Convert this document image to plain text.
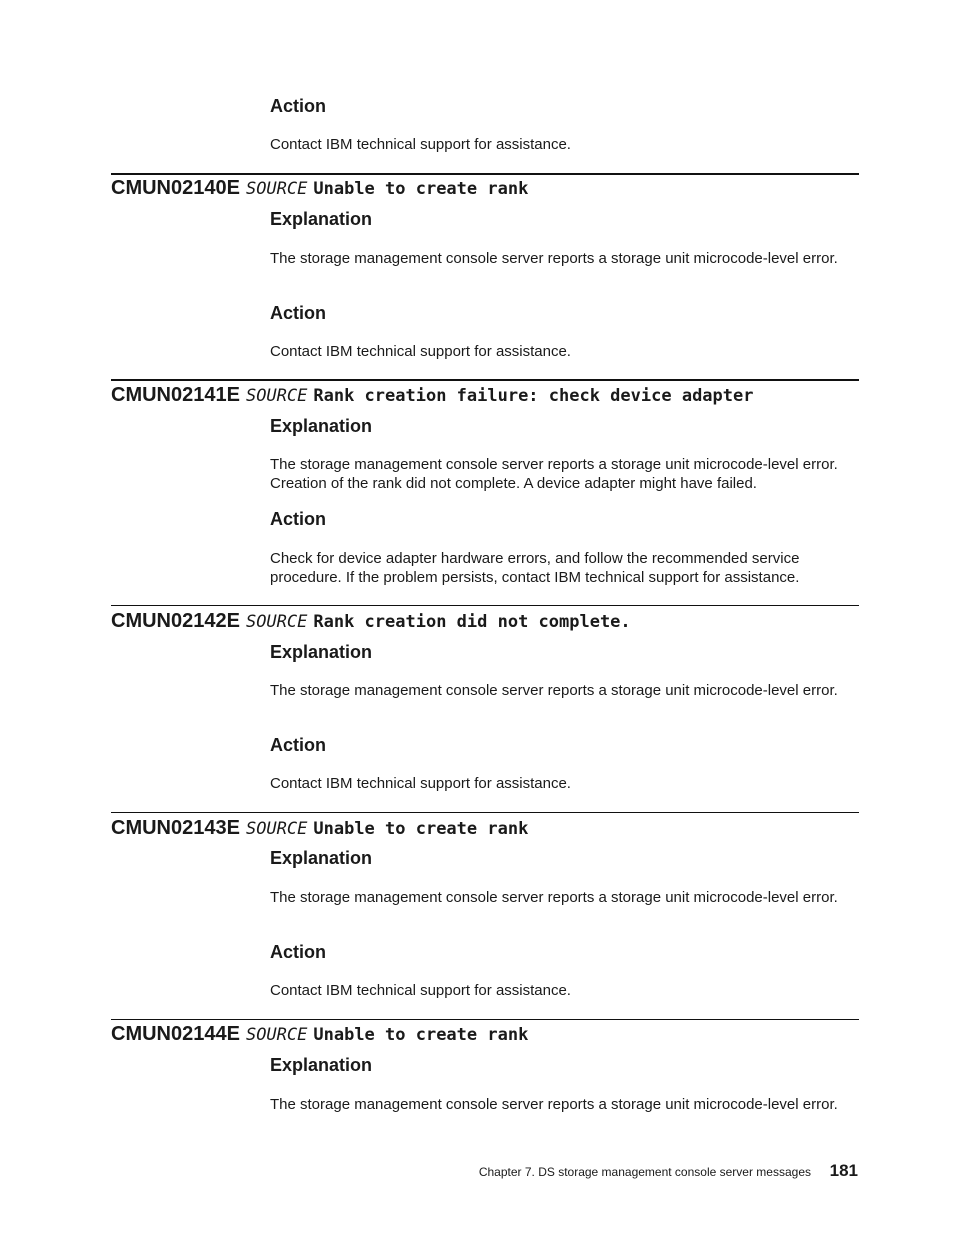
Action
Contact IBM technical support for assistance.
CMUN02140E SOURCE Unable to create rank
Explanation
The storage management console server reports a storage unit microcode-level error.
Action
Contact IBM technical support for assistance.
CMUN02141E SOURCE Rank creation failure: check device adapter
Explanation
The storage management console server reports a storage unit microcode-level error. Creation of the rank did not complete. A device adapter might have failed.
Action
Check for device adapter hardware errors, and follow the recommended service procedure. If the problem persists, contact IBM technical support for assistance.
CMUN02142E SOURCE Rank creation did not complete.
Explanation
The storage management console server reports a storage unit microcode-level error.
Action
Contact IBM technical support for assistance.
CMUN02143E SOURCE Unable to create rank
Explanation
The storage management console server reports a storage unit microcode-level error.
Action
Contact IBM technical support for assistance.
CMUN02144E SOURCE Unable to create rank
Explanation
The storage management console server reports a storage unit microcode-level error.
Chapter 7. DS storage management console server messages 181
